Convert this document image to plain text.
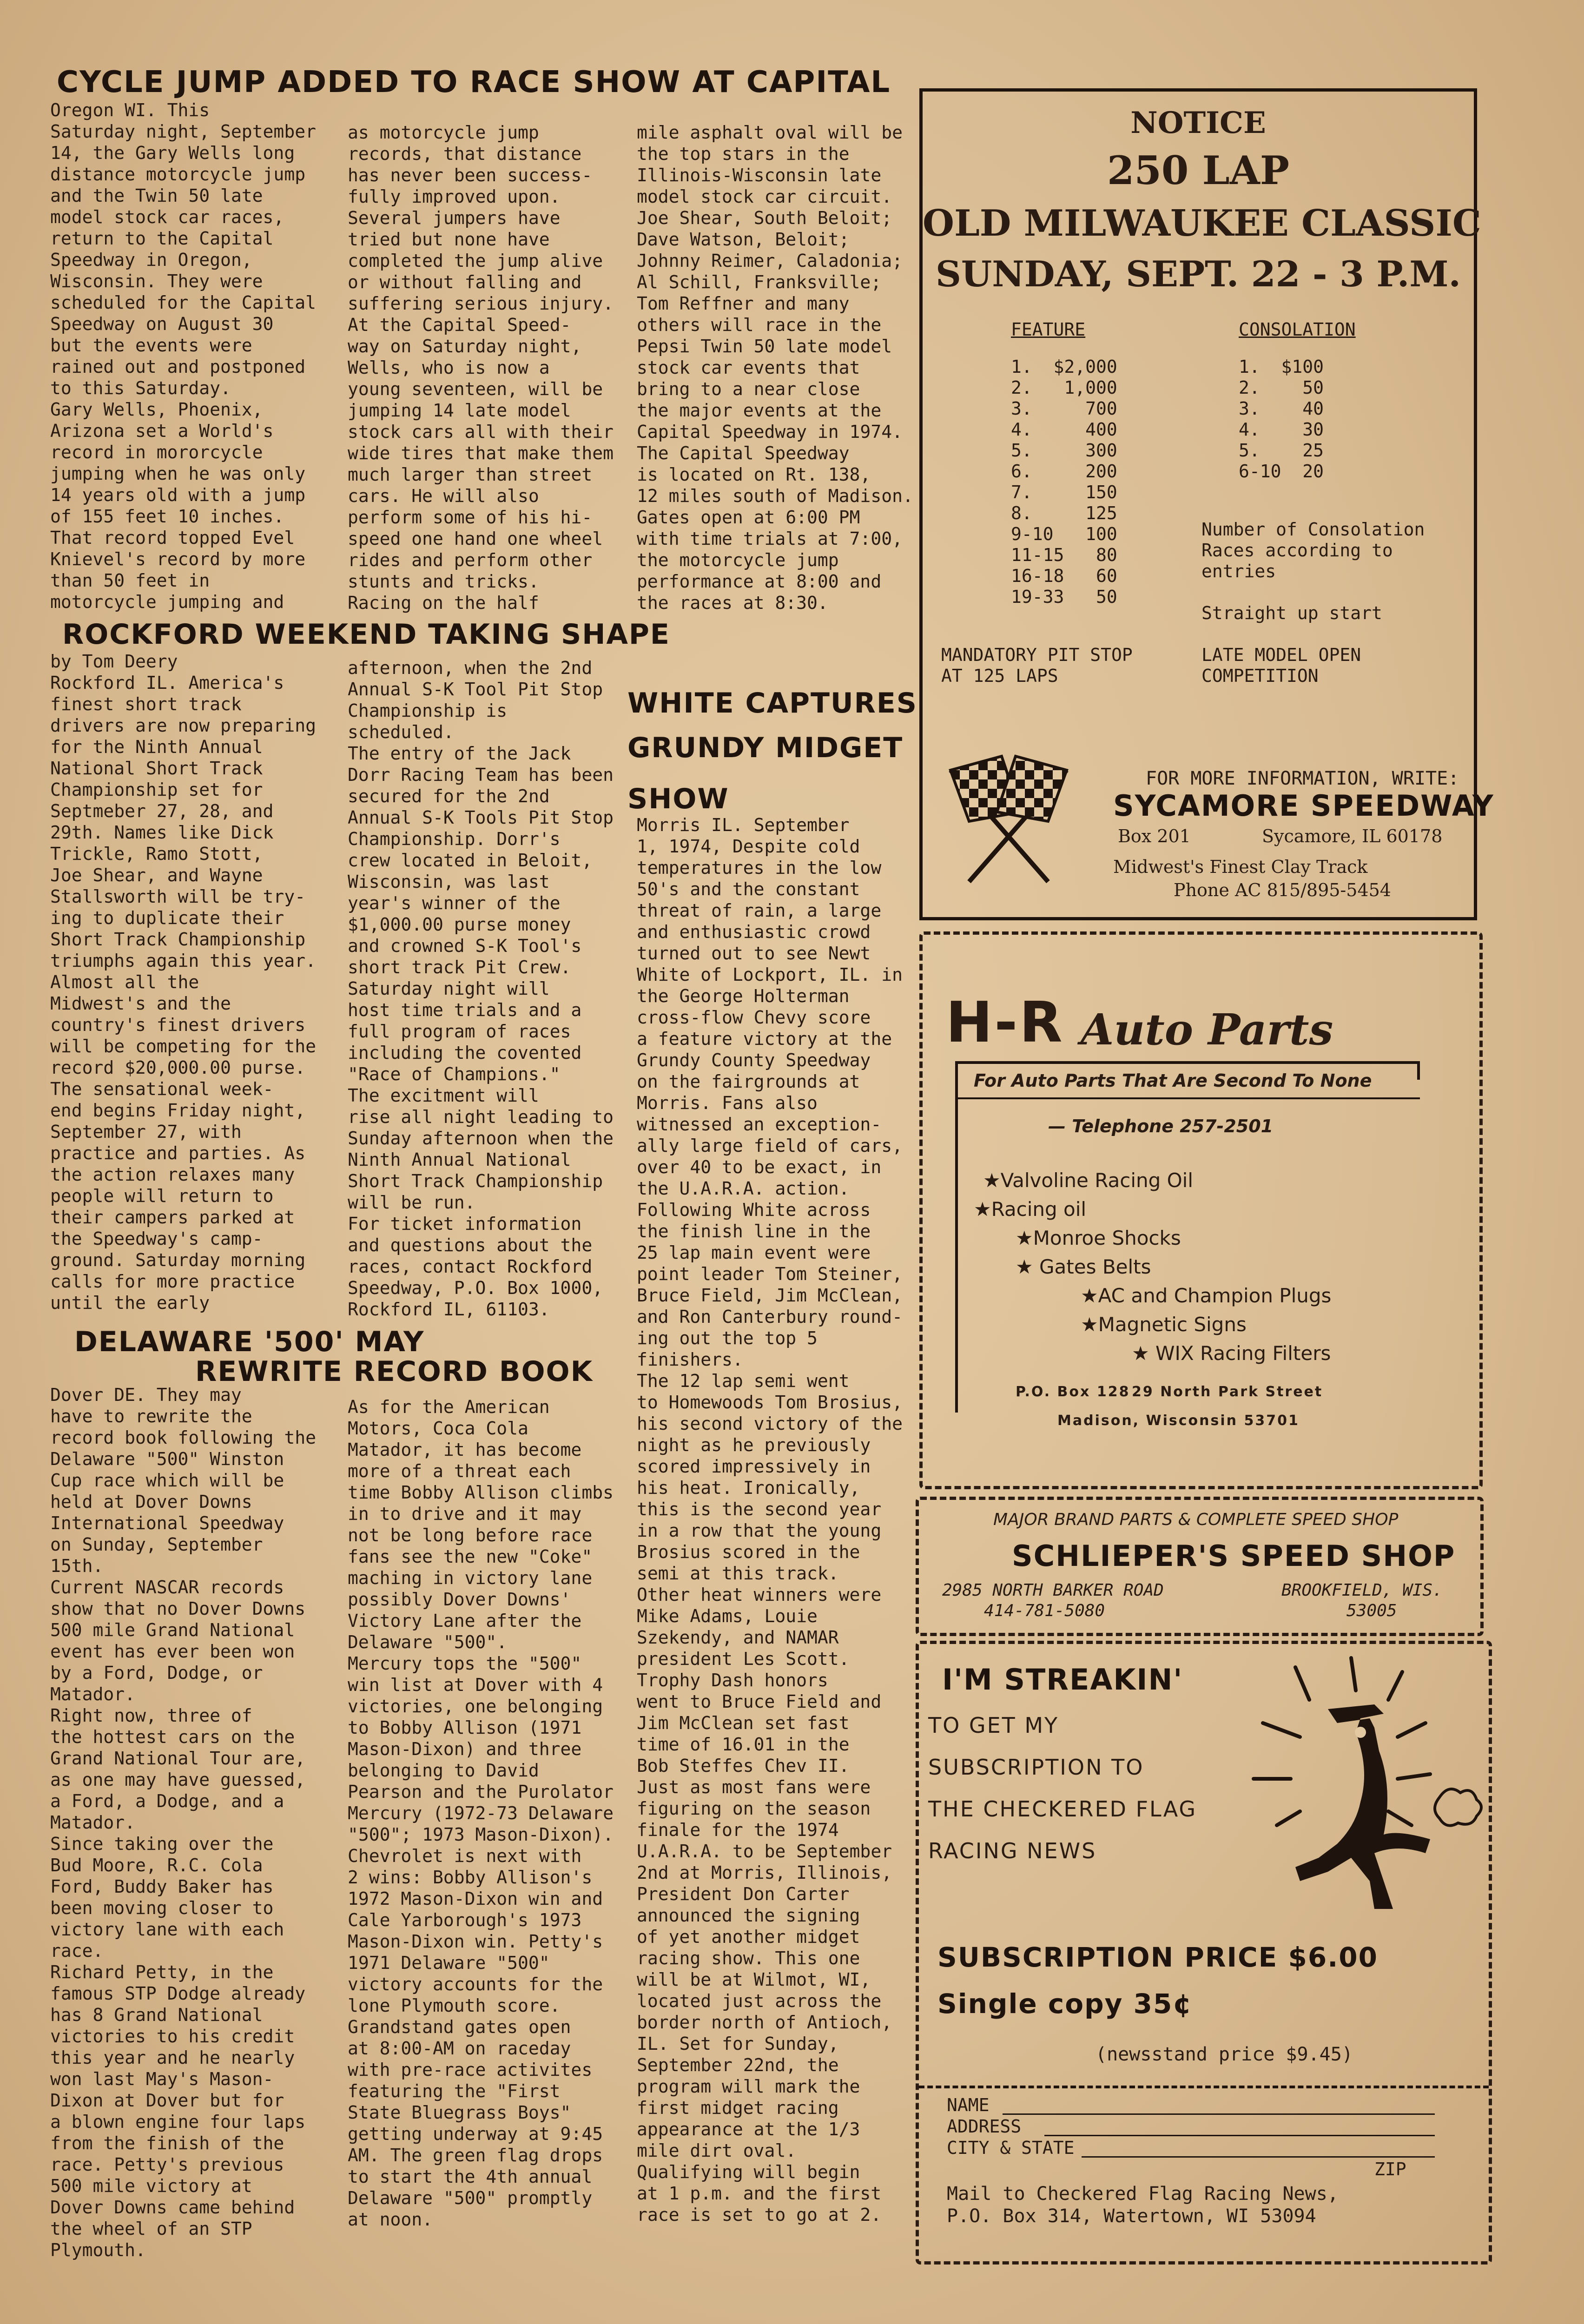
CYCLE JUMP ADDED TO RACE SHOW AT CAPITAL
Oregon WI. This
Saturday night, September
14, the Gary Wells long
distance motorcycle jump
and the Twin 50 late
model stock car races,
return to the Capital
Speedway in Oregon,
Wisconsin. They were
scheduled for the Capital
Speedway on August 30
but the events were
rained out and postponed
to this Saturday.
Gary Wells, Phoenix,
Arizona set a World's
record in mororcycle
jumping when he was only
14 years old with a jump
of 155 feet 10 inches.
That record topped Evel
Knievel's record by more
than 50 feet in
motorcycle jumping and
as motorcycle jump
records, that distance
has never been success-
fully improved upon.
Several jumpers have
tried but none have
completed the jump alive
or without falling and
suffering serious injury.
At the Capital Speed-
way on Saturday night,
Wells, who is now a
young seventeen, will be
jumping 14 late model
stock cars all with their
wide tires that make them
much larger than street
cars. He will also
perform some of his hi-
speed one hand one wheel
rides and perform other
stunts and tricks.
Racing on the half
mile asphalt oval will be
the top stars in the
Illinois-Wisconsin late
model stock car circuit.
Joe Shear, South Beloit;
Dave Watson, Beloit;
Johnny Reimer, Caladonia;
Al Schill, Franksville;
Tom Reffner and many
others will race in the
Pepsi Twin 50 late model
stock car events that
bring to a near close
the major events at the
Capital Speedway in 1974.
The Capital Speedway
is located on Rt. 138,
12 miles south of Madison.
Gates open at 6:00 PM
with time trials at 7:00,
the motorcycle jump
performance at 8:00 and
the races at 8:30.
ROCKFORD WEEKEND TAKING SHAPE
by Tom Deery
Rockford IL. America's
finest short track
drivers are now preparing
for the Ninth Annual
National Short Track
Championship set for
Septmeber 27, 28, and
29th. Names like Dick
Trickle, Ramo Stott,
Joe Shear, and Wayne
Stallsworth will be try-
ing to duplicate their
Short Track Championship
triumphs again this year.
Almost all the
Midwest's and the
country's finest drivers
will be competing for the
record $20,000.00 purse.
The sensational week-
end begins Friday night,
September 27, with
practice and parties. As
the action relaxes many
people will return to
their campers parked at
the Speedway's camp-
ground. Saturday morning
calls for more practice
until the early
afternoon, when the 2nd
Annual S-K Tool Pit Stop
Championship is
scheduled.
The entry of the Jack
Dorr Racing Team has been
secured for the 2nd
Annual S-K Tools Pit Stop
Championship. Dorr's
crew located in Beloit,
Wisconsin, was last
year's winner of the
$1,000.00 purse money
and crowned S-K Tool's
short track Pit Crew.
Saturday night will
host time trials and a
full program of races
including the covented
"Race of Champions."
The excitment will
rise all night leading to
Sunday afternoon when the
Ninth Annual National
Short Track Championship
will be run.
For ticket information
and questions about the
races, contact Rockford
Speedway, P.O. Box 1000,
Rockford IL, 61103.
WHITE CAPTURES
GRUNDY MIDGET
SHOW
Morris IL. September
1, 1974, Despite cold
temperatures in the low
50's and the constant
threat of rain, a large
and enthusiastic crowd
turned out to see Newt
White of Lockport, IL. in
the George Holterman
cross-flow Chevy score
a feature victory at the
Grundy County Speedway
on the fairgrounds at
Morris. Fans also
witnessed an exception-
ally large field of cars,
over 40 to be exact, in
the U.A.R.A. action.
Following White across
the finish line in the
25 lap main event were
point leader Tom Steiner,
Bruce Field, Jim McClean,
and Ron Canterbury round-
ing out the top 5
finishers.
The 12 lap semi went
to Homewoods Tom Brosius,
his second victory of the
night as he previously
scored impressively in
his heat. Ironically,
this is the second year
in a row that the young
Brosius scored in the
semi at this track.
Other heat winners were
Mike Adams, Louie
Szekendy, and NAMAR
president Les Scott.
Trophy Dash honors
went to Bruce Field and
Jim McClean set fast
time of 16.01 in the
Bob Steffes Chev II.
Just as most fans were
figuring on the season
finale for the 1974
U.A.R.A. to be September
2nd at Morris, Illinois,
President Don Carter
announced the signing
of yet another midget
racing show. This one
will be at Wilmot, WI,
located just across the
border north of Antioch,
IL. Set for Sunday,
September 22nd, the
program will mark the
first midget racing
appearance at the 1/3
mile dirt oval.
Qualifying will begin
at 1 p.m. and the first
race is set to go at 2.
DELAWARE '500' MAY
REWRITE RECORD BOOK
Dover DE. They may
have to rewrite the
record book following the
Delaware "500" Winston
Cup race which will be
held at Dover Downs
International Speedway
on Sunday, September
15th.
Current NASCAR records
show that no Dover Downs
500 mile Grand National
event has ever been won
by a Ford, Dodge, or
Matador.
Right now, three of
the hottest cars on the
Grand National Tour are,
as one may have guessed,
a Ford, a Dodge, and a
Matador.
Since taking over the
Bud Moore, R.C. Cola
Ford, Buddy Baker has
been moving closer to
victory lane with each
race.
Richard Petty, in the
famous STP Dodge already
has 8 Grand National
victories to his credit
this year and he nearly
won last May's Mason-
Dixon at Dover but for
a blown engine four laps
from the finish of the
race. Petty's previous
500 mile victory at
Dover Downs came behind
the wheel of an STP
Plymouth.
As for the American
Motors, Coca Cola
Matador, it has become
more of a threat each
time Bobby Allison climbs
in to drive and it may
not be long before race
fans see the new "Coke"
maching in victory lane
possibly Dover Downs'
Victory Lane after the
Delaware "500".
Mercury tops the "500"
win list at Dover with 4
victories, one belonging
to Bobby Allison (1971
Mason-Dixon) and three
belonging to David
Pearson and the Purolator
Mercury (1972-73 Delaware
"500"; 1973 Mason-Dixon).
Chevrolet is next with
2 wins: Bobby Allison's
1972 Mason-Dixon win and
Cale Yarborough's 1973
Mason-Dixon win. Petty's
1971 Delaware "500"
victory accounts for the
lone Plymouth score.
Grandstand gates open
at 8:00-AM on raceday
with pre-race activites
featuring the "First
State Bluegrass Boys"
getting underway at 9:45
AM. The green flag drops
to start the 4th annual
Delaware "500" promptly
at noon.
NOTICE
250 LAP
OLD MILWAUKEE CLASSIC
SUNDAY, SEPT. 22 - 3 P.M.
FEATURE
1.  $2,000
2.   1,000
3.     700
4.     400
5.     300
6.     200
7.     150
8.     125
9-10   100
11-15   80
16-18   60
19-33   50
CONSOLATION
1.  $100
2.    50
3.    40
4.    30
5.    25
6-10  20
Number of Consolation
Races according to
entries
Straight up start
MANDATORY PIT STOP
AT 125 LAPS
LATE MODEL OPEN
COMPETITION
FOR MORE INFORMATION, WRITE:
SYCAMORE SPEEDWAY
Box 201	Sycamore, IL 60178
Midwest's Finest Clay Track
Phone AC 815/895-5454
H-R Auto Parts
For Auto Parts That Are Second To None
— Telephone 257-2501
★Valvoline Racing Oil
★Racing oil
★Monroe Shocks
★ Gates Belts
★AC and Champion Plugs
★Magnetic Signs
★ WIX Racing Filters
P.O. Box 128 29 North Park Street
Madison, Wisconsin 53701
MAJOR BRAND PARTS & COMPLETE SPEED SHOP
SCHLIEPER'S SPEED SHOP
2985 NORTH BARKER ROAD
414-781-5080
BROOKFIELD, WIS.
53005
I'M STREAKIN'
TO GET MY
SUBSCRIPTION TO
THE CHECKERED FLAG
RACING NEWS
SUBSCRIPTION PRICE $6.00
Single copy 35¢
(newsstand price $9.45)
NAME
ADDRESS
CITY & STATE
ZIP
Mail to Checkered Flag Racing News,
P.O. Box 314, Watertown, WI 53094
